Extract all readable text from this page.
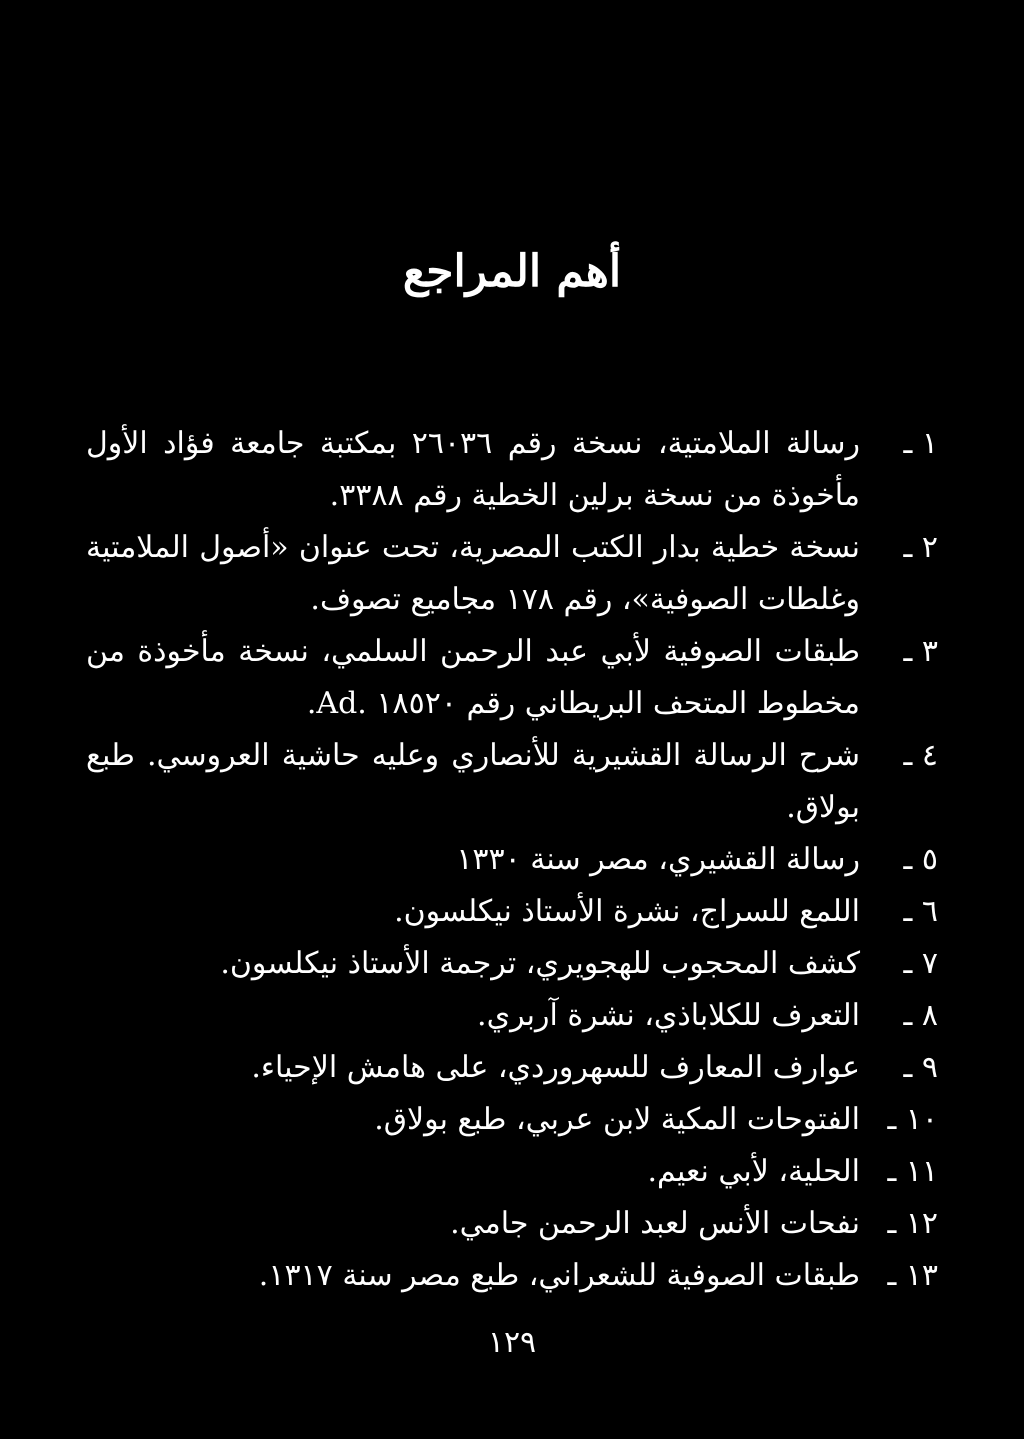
أهم المراجع
١ ـ
رسالة الملامتية، نسخة رقم ٢٦٠٣٦ بمكتبة جامعة فؤاد الأول مأخوذة من نسخة برلين الخطية رقم ٣٣٨٨.
٢ ـ
نسخة خطية بدار الكتب المصرية، تحت عنوان «أصول الملامتية وغلطات الصوفية»، رقم ١٧٨ مجاميع تصوف.
٣ ـ
طبقات الصوفية لأبي عبد الرحمن السلمي، نسخة مأخوذة من مخطوط المتحف البريطاني رقم ١٨٥٢٠ .Ad.
٤ ـ
شرح الرسالة القشيرية للأنصاري وعليه حاشية العروسي. طبع بولاق.
٥ ـ
رسالة القشيري، مصر سنة ١٣٣٠
٦ ـ
اللمع للسراج، نشرة الأستاذ نيكلسون.
٧ ـ
كشف المحجوب للهجويري، ترجمة الأستاذ نيكلسون.
٨ ـ
التعرف للكلاباذي، نشرة آربري.
٩ ـ
عوارف المعارف للسهروردي، على هامش الإحياء.
١٠ ـ
الفتوحات المكية لابن عربي، طبع بولاق.
١١ ـ
الحلية، لأبي نعيم.
١٢ ـ
نفحات الأنس لعبد الرحمن جامي.
١٣ ـ
طبقات الصوفية للشعراني، طبع مصر سنة ١٣١٧.
١٢٩
